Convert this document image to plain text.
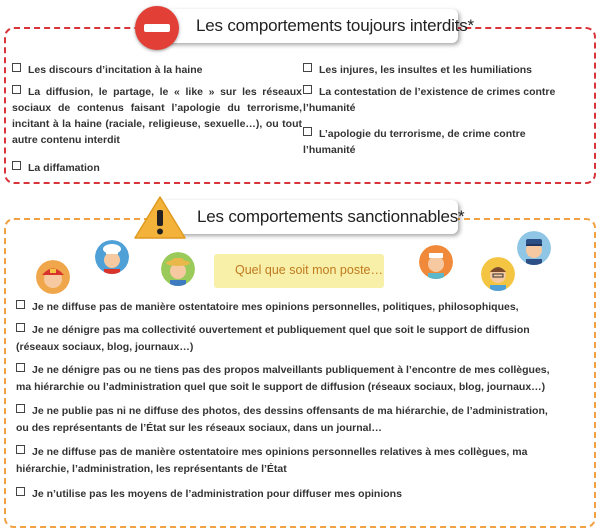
Les comportements toujours interdits*
Les discours d’incitation à la haine
La diffusion, le partage, le « like » sur les réseaux sociaux de contenus faisant l’apologie du terrorisme, incitant à la haine (raciale, religieuse, sexuelle…), ou tout autre contenu interdit
La diffamation
Les injures, les insultes et les humiliations
La contestation de l’existence de crimes contre l’humanité
L’apologie du terrorisme, de crime contre l’humanité
Les comportements sanctionnables*
Quel que soit mon poste…
Je ne diffuse pas de manière ostentatoire mes opinions personnelles, politiques, philosophiques,
Je ne dénigre pas ma collectivité ouvertement et publiquement quel que soit le support de diffusion (réseaux sociaux, blog, journaux…)
Je ne dénigre pas ou ne tiens pas des propos malveillants publiquement à l’encontre de mes collègues, ma hiérarchie ou l’administration quel que soit le support de diffusion (réseaux sociaux, blog, journaux…)
Je ne publie pas ni ne diffuse des photos, des dessins offensants de ma hiérarchie, de l’administration, ou des représentants de l’État sur les réseaux sociaux, dans un journal…
Je ne diffuse pas de manière ostentatoire mes opinions personnelles relatives à mes collègues, ma hiérarchie, l’administration, les représentants de l’État
Je n’utilise pas les moyens de l’administration pour diffuser mes opinions
